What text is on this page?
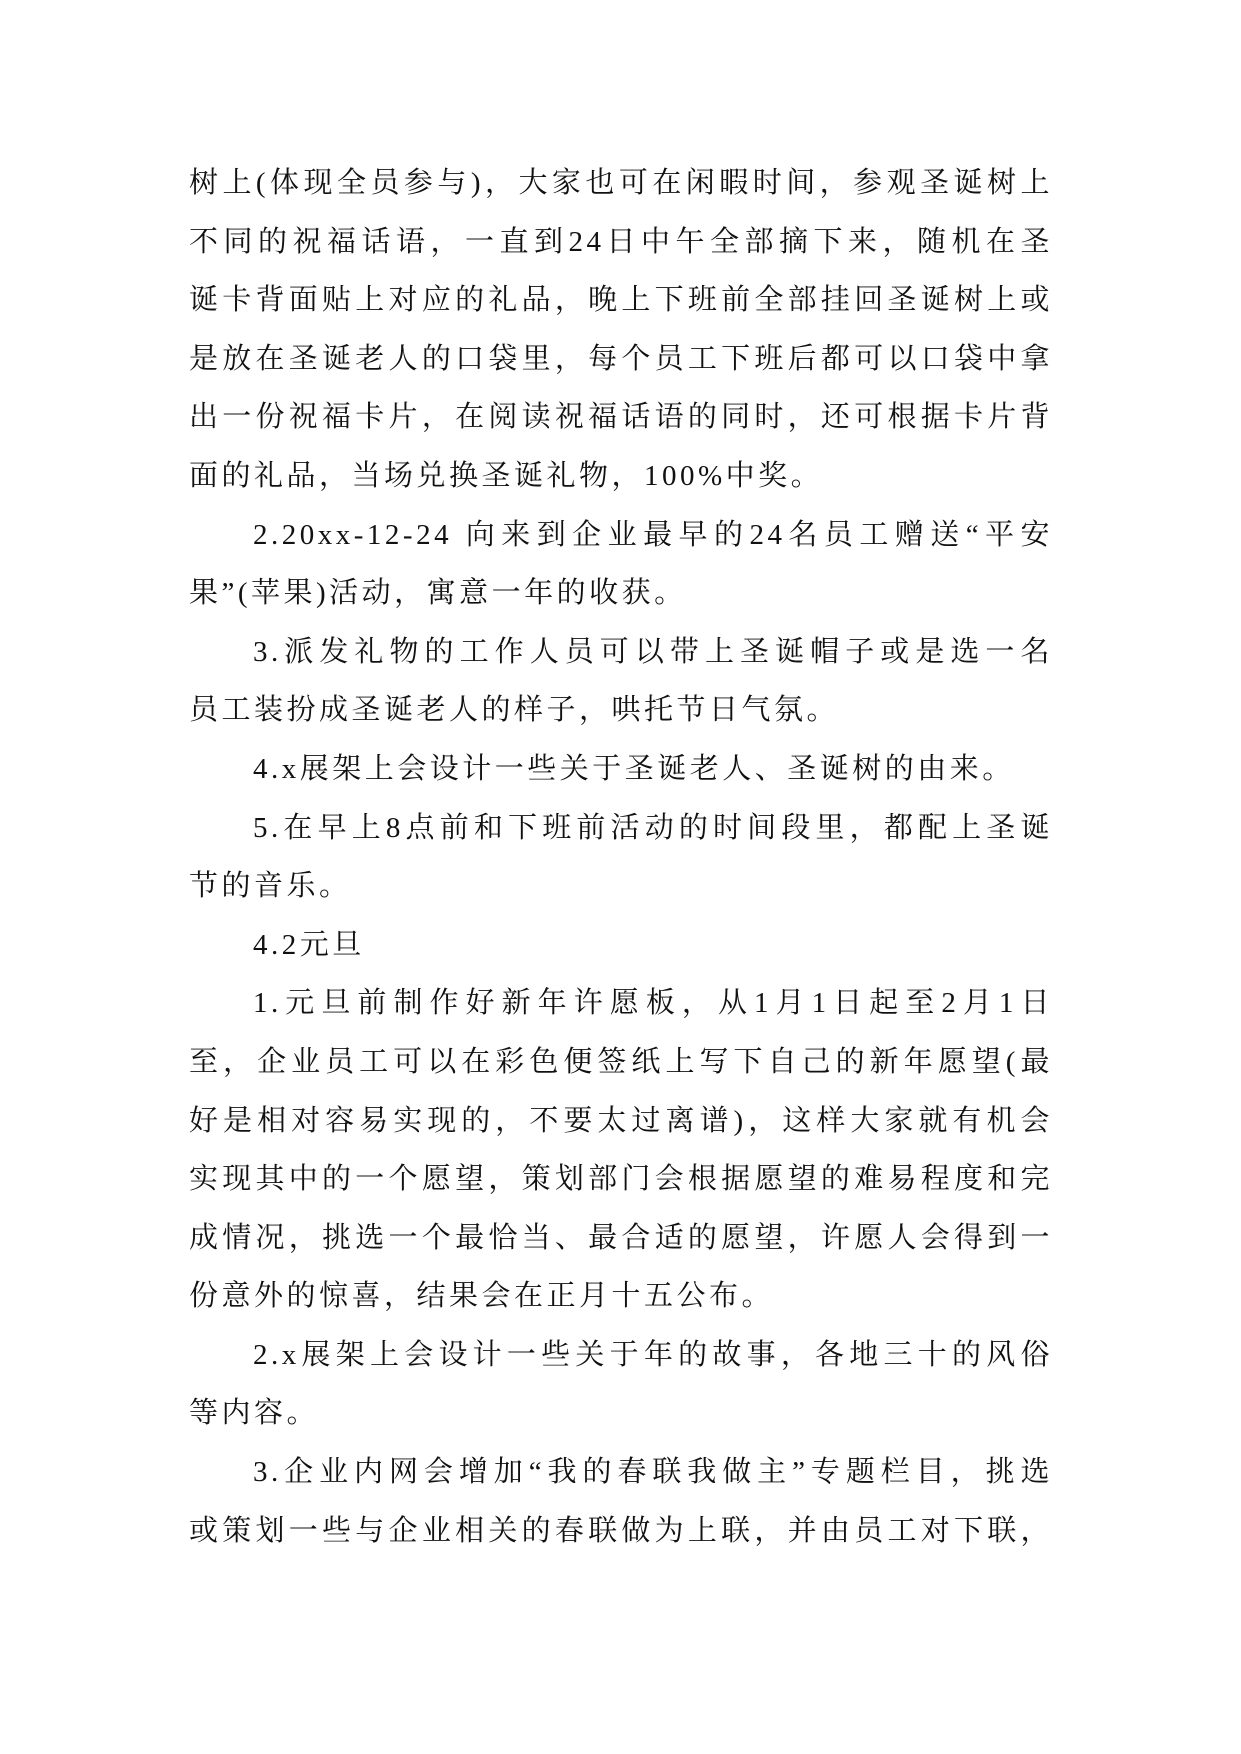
树上(体现全员参与)，大家也可在闲暇时间，参观圣诞树上
不同的祝福话语，一直到24日中午全部摘下来，随机在圣
诞卡背面贴上对应的礼品，晚上下班前全部挂回圣诞树上或
是放在圣诞老人的口袋里，每个员工下班后都可以口袋中拿
出一份祝福卡片，在阅读祝福话语的同时，还可根据卡片背
面的礼品，当场兑换圣诞礼物，100%中奖。
2.20xx-12-24 向来到企业最早的24名员工赠送“平安
果”(苹果)活动，寓意一年的收获。
3.派发礼物的工作人员可以带上圣诞帽子或是选一名
员工装扮成圣诞老人的样子，哄托节日气氛。
4.x展架上会设计一些关于圣诞老人、圣诞树的由来。
5.在早上8点前和下班前活动的时间段里，都配上圣诞
节的音乐。
4.2元旦
1.元旦前制作好新年许愿板，从1月1日起至2月1日
至，企业员工可以在彩色便签纸上写下自己的新年愿望(最
好是相对容易实现的，不要太过离谱)，这样大家就有机会
实现其中的一个愿望，策划部门会根据愿望的难易程度和完
成情况，挑选一个最恰当、最合适的愿望，许愿人会得到一
份意外的惊喜，结果会在正月十五公布。
2.x展架上会设计一些关于年的故事，各地三十的风俗
等内容。
3.企业内网会增加“我的春联我做主”专题栏目，挑选
或策划一些与企业相关的春联做为上联，并由员工对下联，
